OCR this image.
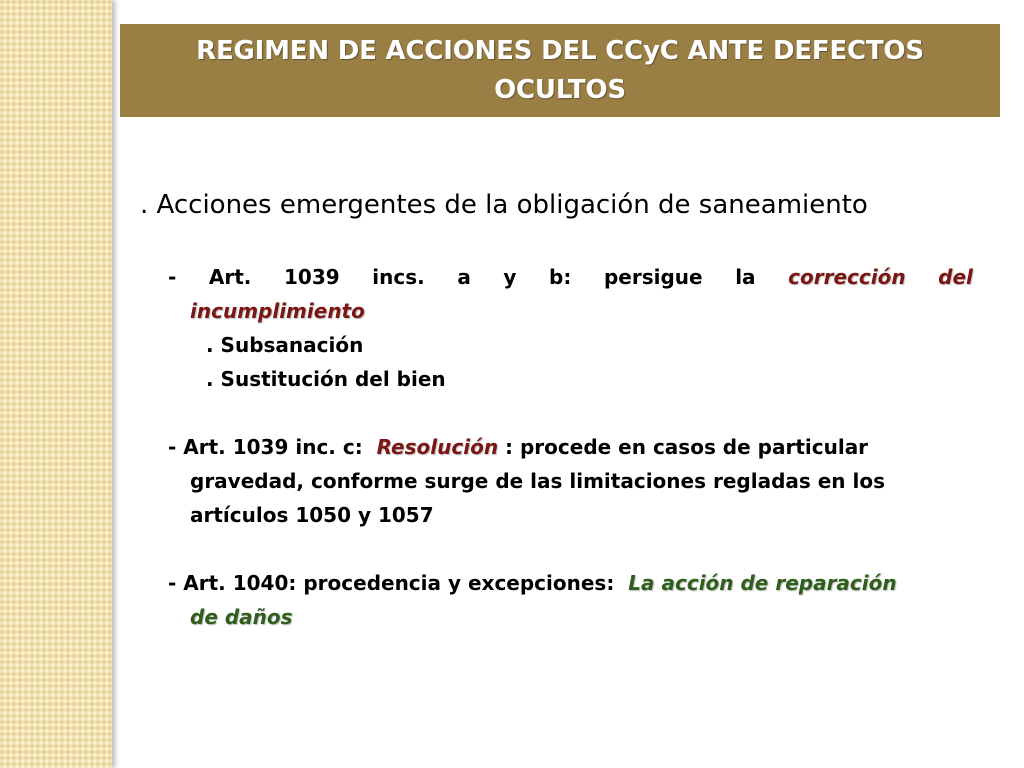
REGIMEN DE ACCIONES DEL CCyC ANTE DEFECTOS OCULTOS
. Acciones emergentes de la obligación de saneamiento
- Art. 1039 incs. a y b: persigue la corrección del
incumplimiento
. Subsanación
. Sustitución del bien
- Art. 1039 inc. c: Resolución : procede en casos de particular
gravedad, conforme surge de las limitaciones regladas en los
artículos 1050 y 1057
- Art. 1040: procedencia y excepciones: La acción de reparación
de daños
